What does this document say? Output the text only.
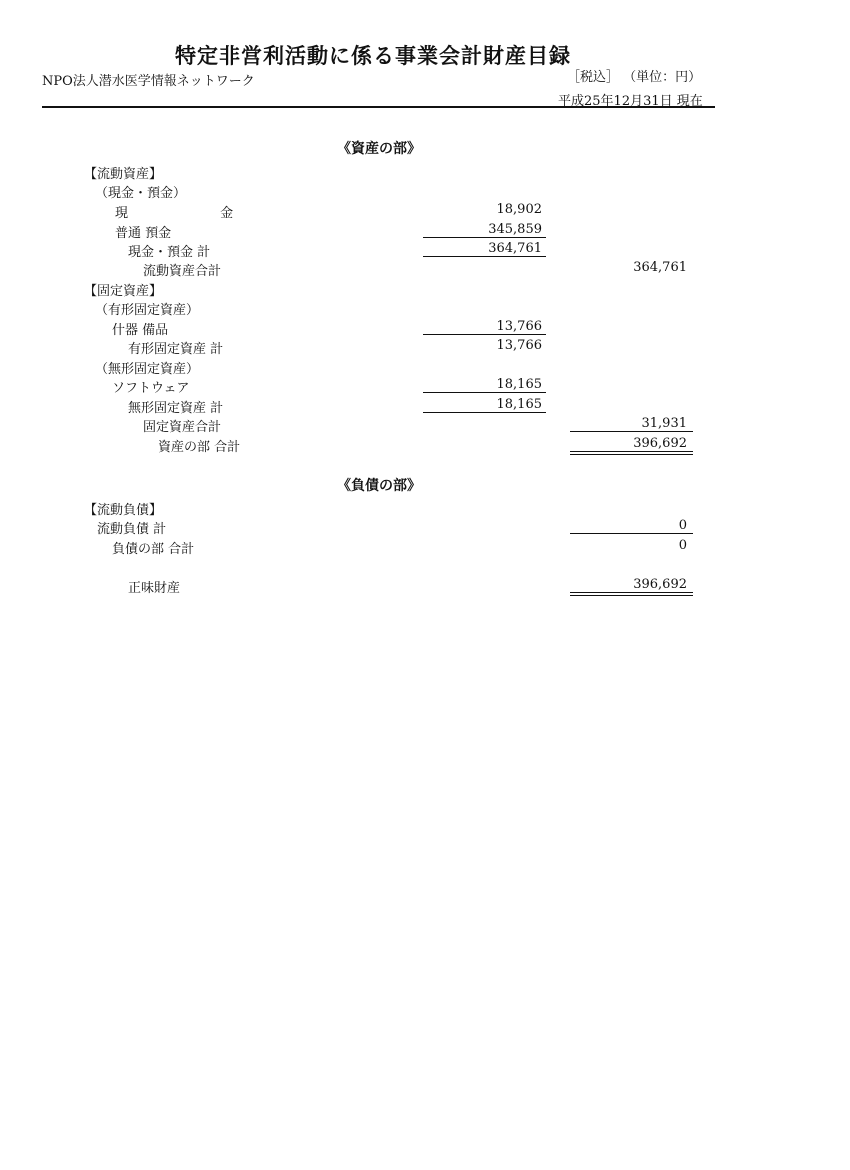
特定非営利活動に係る事業会計財産目録
NPO法人潜水医学情報ネットワーク	［税込］ （単位：円）
平成25年12月31日 現在
《資産の部》
【流動資産】
（現金・預金）
現 金	18,902
普通 預金	345,859
現金・預金 計	364,761
流動資産合計	364,761
【固定資産】
（有形固定資産）
什器 備品	13,766
有形固定資産 計	13,766
（無形固定資産）
ソフトウェア	18,165
無形固定資産 計	18,165
固定資産合計	31,931
資産の部 合計	396,692
《負債の部》
【流動負債】
流動負債 計	0
負債の部 合計	0
正味財産	396,692
